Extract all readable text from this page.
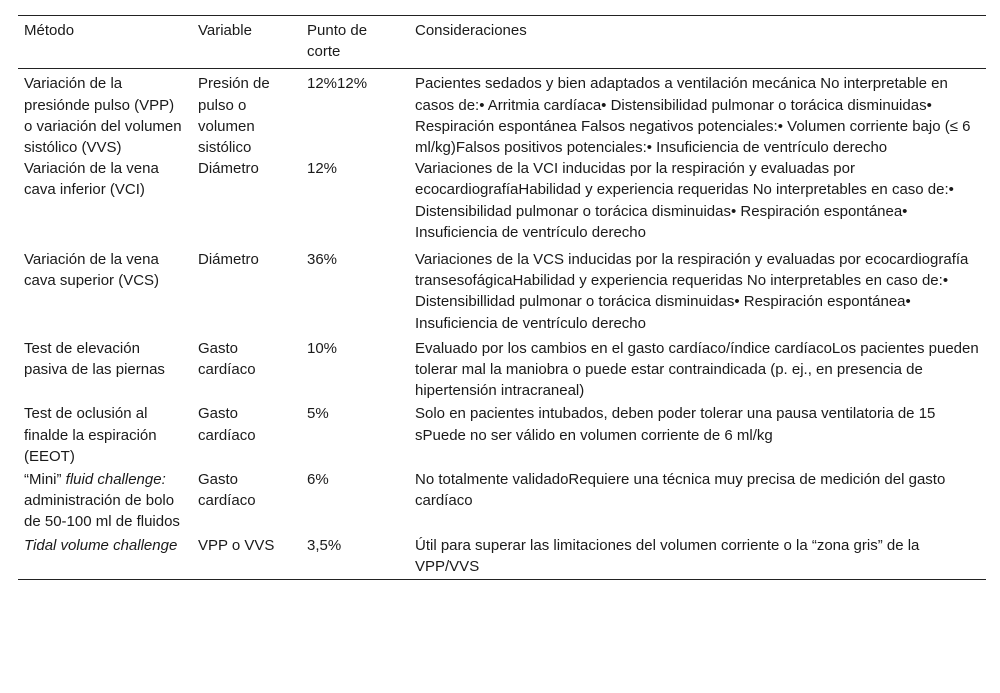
Método	Variable	Punto de corte	Consideraciones
Variación de la presiónde pulso (VPP) o variación del volumen sistólico (VVS)	Presión de pulso o volumen sistólico	12%12%	Pacientes sedados y bien adaptados a ventilación mecánica No interpretable en casos de:• Arritmia cardíaca• Distensibilidad pulmonar o torácica disminuidas• Respiración espontánea Falsos negativos potenciales:• Volumen corriente bajo (≤ 6 ml/kg)Falsos positivos potenciales:• Insuficiencia de ventrículo derecho
Variación de la vena cava inferior (VCI)	Diámetro	12%	Variaciones de la VCI inducidas por la respiración y evaluadas por ecocardiografíaHabilidad y experiencia requeridas No interpretables en caso de:• Distensibilidad pulmonar o torácica disminuidas• Respiración espontánea• Insuficiencia de ventrículo derecho
Variación de la vena cava superior (VCS)	Diámetro	36%	Variaciones de la VCS inducidas por la respiración y evaluadas por ecocardiografía transesofágicaHabilidad y experiencia requeridas No interpretables en caso de:• Distensibillidad pulmonar o torácica disminuidas• Respiración espontánea• Insuficiencia de ventrículo derecho
Test de elevación pasiva de las piernas	Gasto cardíaco	10%	Evaluado por los cambios en el gasto cardíaco/índice cardíacoLos pacientes pueden tolerar mal la maniobra o puede estar contraindicada (p. ej., en presencia de hipertensión intracraneal)
Test de oclusión al finalde la espiración (EEOT)	Gasto cardíaco	5%	Solo en pacientes intubados, deben poder tolerar una pausa ventilatoria de 15 sPuede no ser válido en volumen corriente de 6 ml/kg
“Mini” fluid challenge: administración de bolo de 50-100 ml de fluidos	Gasto cardíaco	6%	No totalmente validadoRequiere una técnica muy precisa de medición del gasto cardíaco
Tidal volume challenge	VPP o VVS	3,5%	Útil para superar las limitaciones del volumen corriente o la “zona gris” de la VPP/VVS
